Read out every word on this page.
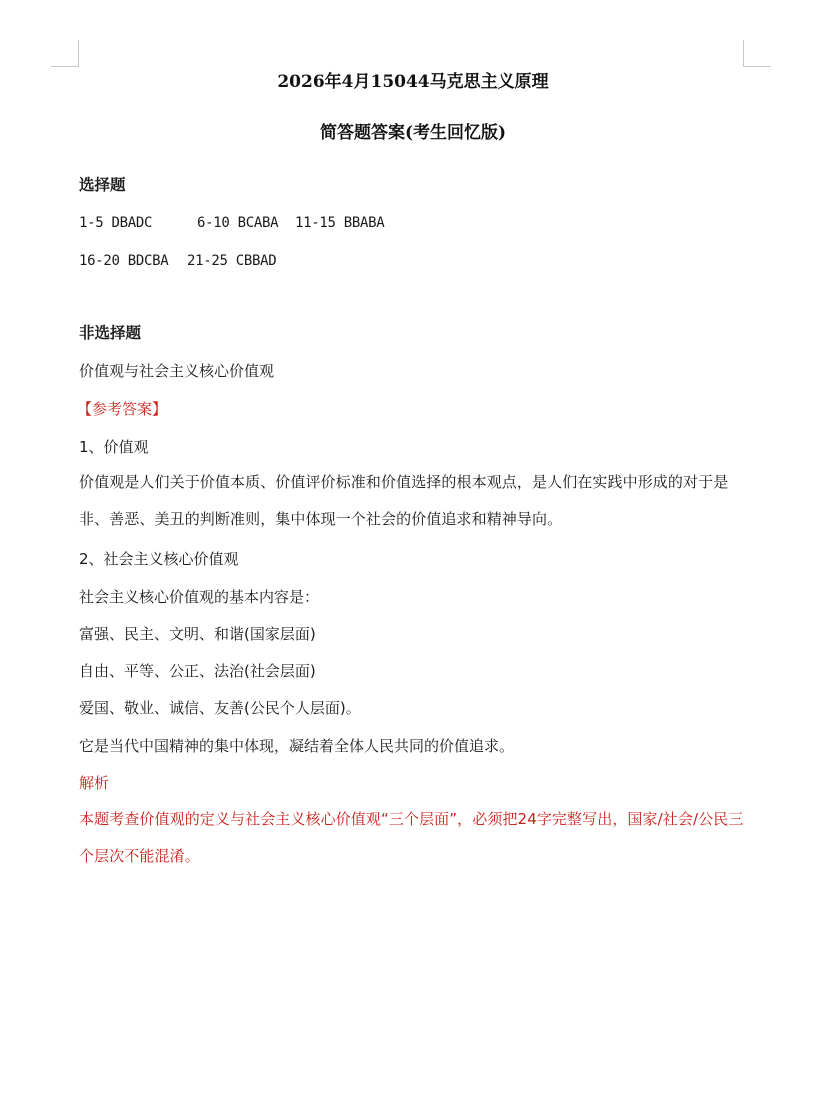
2026年4月15044马克思主义原理
简答题答案(考生回忆版)

选择题

1-5 DBADC	6-10 BCABA 11-15 BBABA

16-20 BDCBA 21-25 CBBAD

非选择题

价值观与社会主义核心价值观

【参考答案】

1、价值观

价值观是人们关于价值本质、价值评价标准和价值选择的根本观点，是人们在实践中形成的对于是非、善恶、美丑的判断准则，集中体现一个社会的价值追求和精神导向。

2、社会主义核心价值观

社会主义核心价值观的基本内容是：

富强、民主、文明、和谐(国家层面)

自由、平等、公正、法治(社会层面)

爱国、敬业、诚信、友善(公民个人层面)。

它是当代中国精神的集中体现，凝结着全体人民共同的价值追求。

解析

本题考查价值观的定义与社会主义核心价值观“三个层面”，必须把24字完整写出，国家/社会/公民三个层次不能混淆。
